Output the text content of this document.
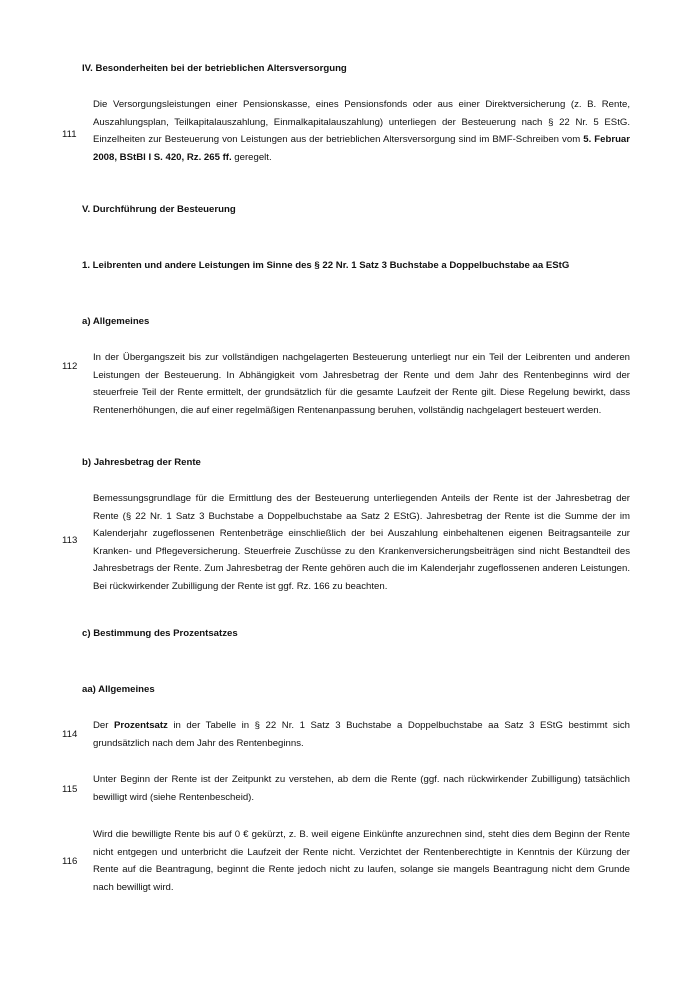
IV. Besonderheiten bei der betrieblichen Altersversorgung
111

Die Versorgungsleistungen einer Pensionskasse, eines Pensionsfonds oder aus einer Direktversicherung (z. B. Rente, Auszahlungsplan, Teilkapitalauszahlung, Einmalkapitalauszahlung) unterliegen der Besteuerung nach § 22 Nr. 5 EStG. Einzelheiten zur Besteuerung von Leistungen aus der betrieblichen Altersversorgung sind im BMF-Schreiben vom 5. Februar 2008, BStBl I S. 420, Rz. 265 ff. geregelt.

V. Durchführung der Besteuerung
1. Leibrenten und andere Leistungen im Sinne des § 22 Nr. 1 Satz 3 Buchstabe a Doppelbuchstabe aa EStG
a) Allgemeines
112

In der Übergangszeit bis zur vollständigen nachgelagerten Besteuerung unterliegt nur ein Teil der Leibrenten und anderen Leistungen der Besteuerung. In Abhängigkeit vom Jahresbetrag der Rente und dem Jahr des Rentenbeginns wird der steuerfreie Teil der Rente ermittelt, der grundsätzlich für die gesamte Laufzeit der Rente gilt. Diese Regelung bewirkt, dass Rentenerhöhungen, die auf einer regelmäßigen Rentenanpassung beruhen, vollständig nachgelagert besteuert werden.

b) Jahresbetrag der Rente
113

Bemessungsgrundlage für die Ermittlung des der Besteuerung unterliegenden Anteils der Rente ist der Jahresbetrag der Rente (§ 22 Nr. 1 Satz 3 Buchstabe a Doppelbuchstabe aa Satz 2 EStG). Jahresbetrag der Rente ist die Summe der im Kalenderjahr zugeflossenen Rentenbeträge einschließlich der bei Auszahlung einbehaltenen eigenen Beitragsanteile zur Kranken- und Pflegeversicherung. Steuerfreie Zuschüsse zu den Krankenversicherungsbeiträgen sind nicht Bestandteil des Jahresbetrags der Rente. Zum Jahresbetrag der Rente gehören auch die im Kalenderjahr zugeflossenen anderen Leistungen. Bei rückwirkender Zubilligung der Rente ist ggf. Rz. 166 zu beachten.

c) Bestimmung des Prozentsatzes
aa) Allgemeines
114

Der Prozentsatz in der Tabelle in § 22 Nr. 1 Satz 3 Buchstabe a Doppelbuchstabe aa Satz 3 EStG bestimmt sich grundsätzlich nach dem Jahr des Rentenbeginns.

115

Unter Beginn der Rente ist der Zeitpunkt zu verstehen, ab dem die Rente (ggf. nach rückwirkender Zubilligung) tatsächlich bewilligt wird (siehe Rentenbescheid).

116

Wird die bewilligte Rente bis auf 0 € gekürzt, z. B. weil eigene Einkünfte anzurechnen sind, steht dies dem Beginn der Rente nicht entgegen und unterbricht die Laufzeit der Rente nicht. Verzichtet der Rentenberechtigte in Kenntnis der Kürzung der Rente auf die Beantragung, beginnt die Rente jedoch nicht zu laufen, solange sie mangels Beantragung nicht dem Grunde nach bewilligt wird.
